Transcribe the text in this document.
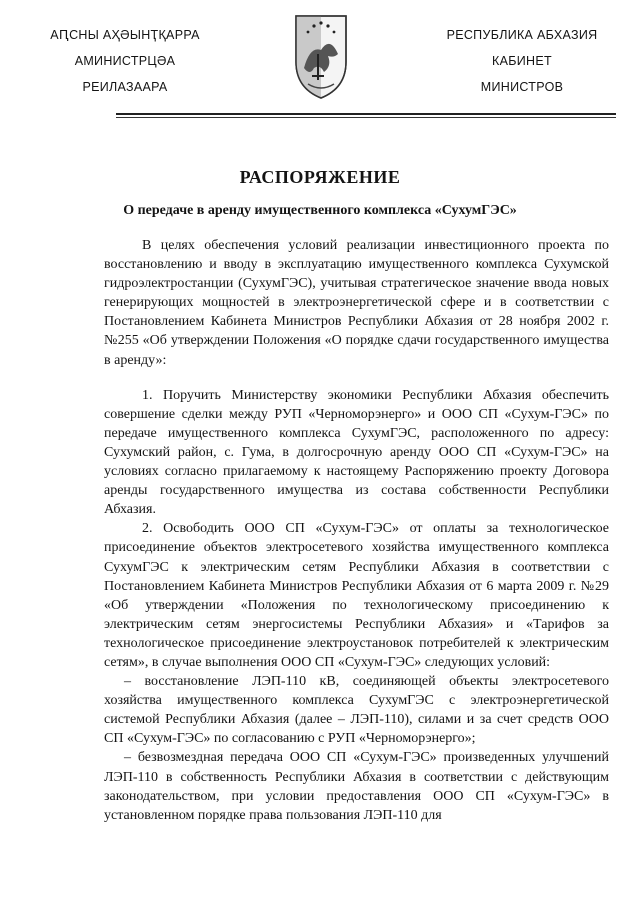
АԤСНЫ АҲӘЫНҬҚАРРА
АМИНИСТРЦӘА
РЕИЛАЗААРА
РЕСПУБЛИКА АБХАЗИЯ
КАБИНЕТ
МИНИСТРОВ
РАСПОРЯЖЕНИЕ
О передаче в аренду имущественного комплекса «СухумГЭС»

В целях обеспечения условий реализации инвестиционного проекта по восстановлению и вводу в эксплуатацию имущественного комплекса Сухумской гидроэлектростанции (СухумГЭС), учитывая стратегическое значение ввода новых генерирующих мощностей в электроэнергетической сфере и в соответствии с Постановлением Кабинета Министров Республики Абхазия от 28 ноября 2002 г. №255 «Об утверждении Положения «О порядке сдачи государственного имущества в аренду»:

1. Поручить Министерству экономики Республики Абхазия обеспечить совершение сделки между РУП «Черноморэнерго» и ООО СП «Сухум-ГЭС» по передаче имущественного комплекса СухумГЭС, расположенного по адресу: Сухумский район, с. Гума, в долгосрочную аренду ООО СП «Сухум-ГЭС» на условиях согласно прилагаемому к настоящему Распоряжению проекту Договора аренды государственного имущества из состава собственности Республики Абхазия.

2. Освободить ООО СП «Сухум-ГЭС» от оплаты за технологическое присоединение объектов электросетевого хозяйства имущественного комплекса СухумГЭС к электрическим сетям Республики Абхазия в соответствии с Постановлением Кабинета Министров Республики Абхазия от 6 марта 2009 г. №29 «Об утверждении «Положения по технологическому присоединению к электрическим сетям энергосистемы Республики Абхазия» и «Тарифов за технологическое присоединение электроустановок потребителей к электрическим сетям», в случае выполнения ООО СП «Сухум-ГЭС» следующих условий:

– восстановление ЛЭП-110 кВ, соединяющей объекты электросетевого хозяйства имущественного комплекса СухумГЭС с электроэнергетической системой Республики Абхазия (далее – ЛЭП-110), силами и за счет средств ООО СП «Сухум-ГЭС» по согласованию с РУП «Черноморэнерго»;

– безвозмездная передача ООО СП «Сухум-ГЭС» произведенных улучшений ЛЭП-110 в собственность Республики Абхазия в соответствии с действующим законодательством, при условии предоставления ООО СП «Сухум-ГЭС» в установленном порядке права пользования ЛЭП-110 для
